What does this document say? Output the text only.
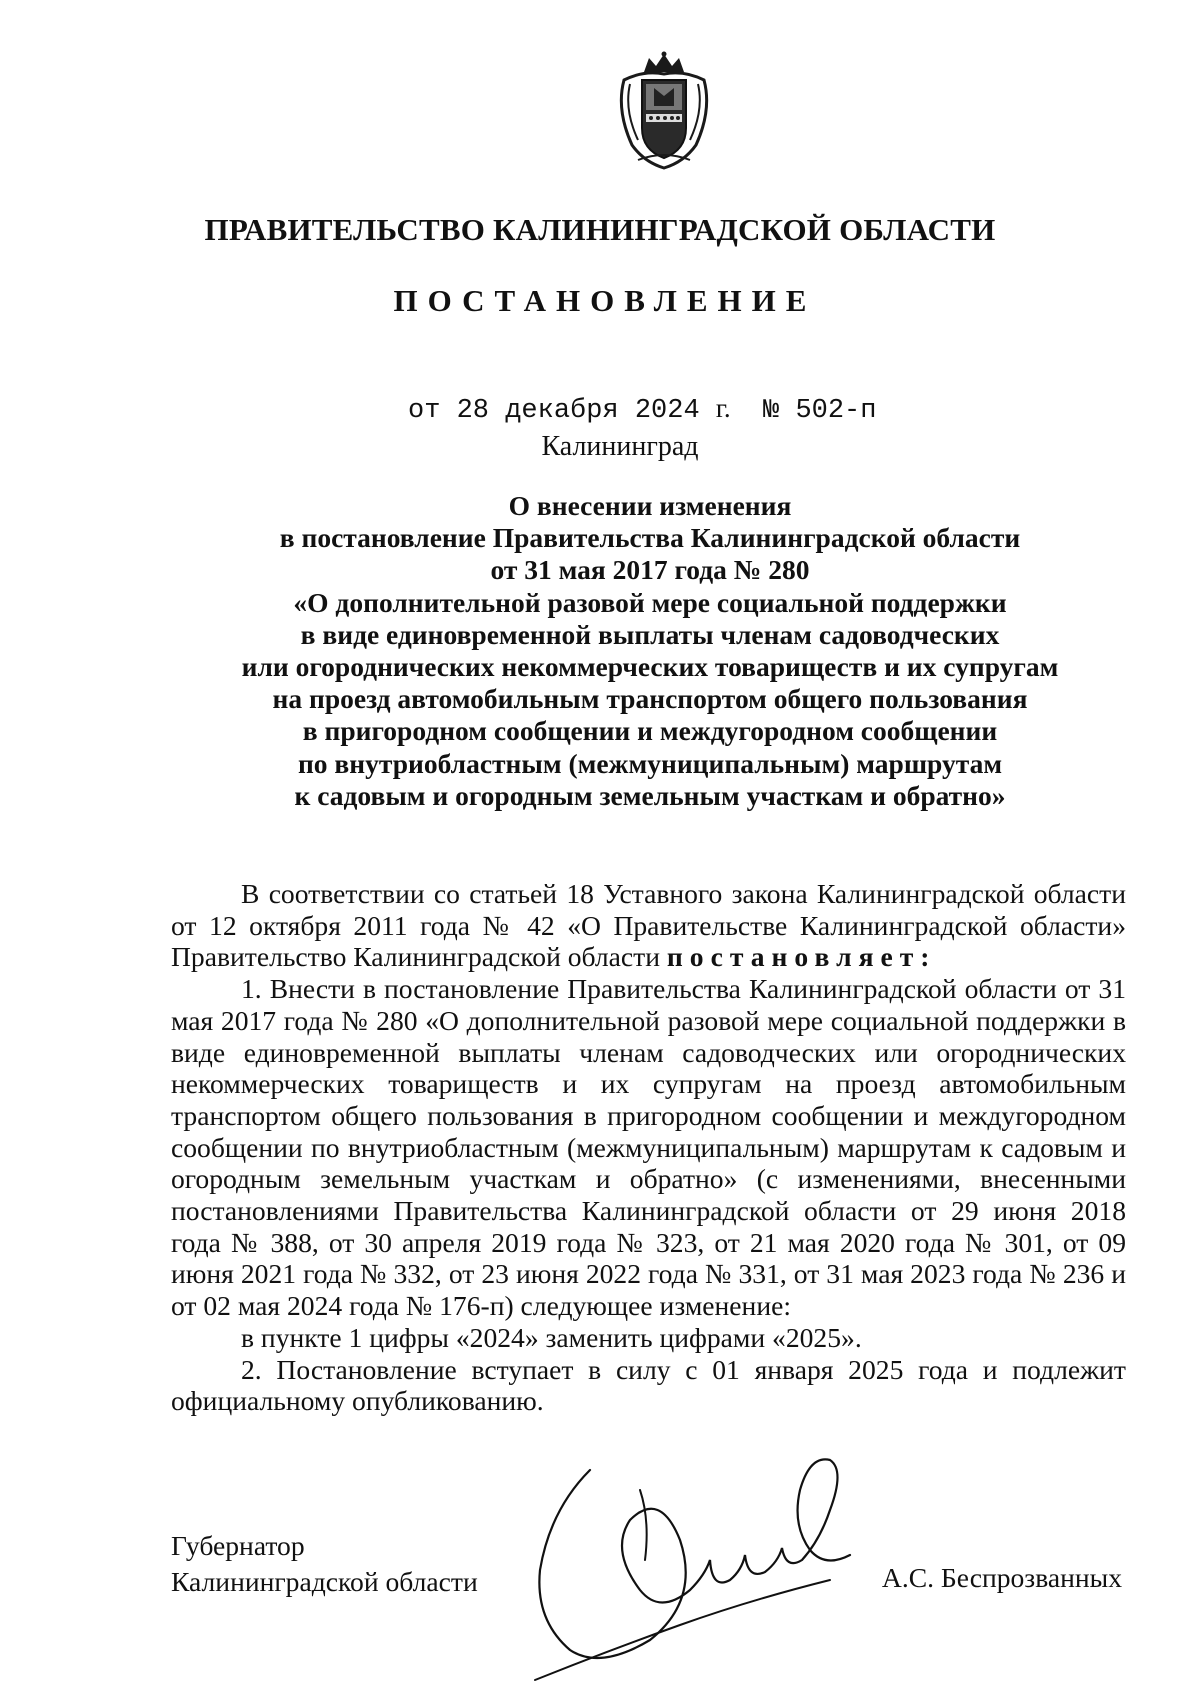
ПРАВИТЕЛЬСТВО КАЛИНИНГРАДСКОЙ ОБЛАСТИ
ПОСТАНОВЛЕНИЕ
от 28 декабря 2024 г. № 502-п
Калининград
О внесении изменения
в постановление Правительства Калининградской области
от 31 мая 2017 года № 280
«О дополнительной разовой мере социальной поддержки
в виде единовременной выплаты членам садоводческих
или огороднических некоммерческих товариществ и их супругам
на проезд автомобильным транспортом общего пользования
в пригородном сообщении и междугородном сообщении
по внутриобластным (межмуниципальным) маршрутам
к садовым и огородным земельным участкам и обратно»

В соответствии со статьей 18 Уставного закона Калининградской области от 12 октября 2011 года № 42 «О Правительстве Калининградской области» Правительство Калининградской области постановляет:

1. Внести в постановление Правительства Калининградской области от 31 мая 2017 года № 280 «О дополнительной разовой мере социальной поддержки в виде единовременной выплаты членам садоводческих или огороднических некоммерческих товариществ и их супругам на проезд автомобильным транспортом общего пользования в пригородном сообщении и междугородном сообщении по внутриобластным (межмуниципальным) маршрутам к садовым и огородным земельным участкам и обратно» (с изменениями, внесенными постановлениями Правительства Калининградской области от 29 июня 2018 года № 388, от 30 апреля 2019 года № 323, от 21 мая 2020 года № 301, от 09 июня 2021 года № 332, от 23 июня 2022 года № 331, от 31 мая 2023 года № 236 и от 02 мая 2024 года № 176-п) следующее изменение:

в пункте 1 цифры «2024» заменить цифрами «2025».

2. Постановление вступает в силу с 01 января 2025 года и подлежит официальному опубликованию.

Губернатор
Калининградской области	А.С. Беспрозванных
